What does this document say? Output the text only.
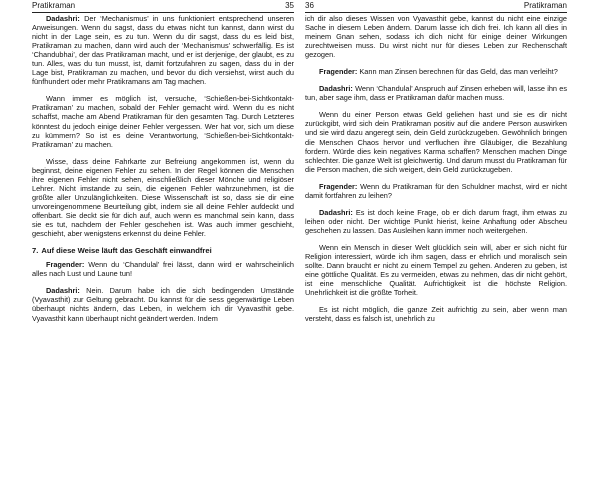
Pratikraman	35

Dadashri: Der ‘Mechanismus’ in uns funktioniert entsprechend unseren Anweisungen. Wenn du sagst, dass du etwas nicht tun kannst, dann wirst du nicht in der Lage sein, es zu tun. Wenn du dir sagst, dass du es leid bist, Pratikraman zu machen, dann wird auch der ‘Mechanismus’ schwerfällig. Es ist ‘Chandubhai’, der das Pratikraman macht, und er ist derjenige, der glaubt, es zu tun. Alles, was du tun musst, ist, damit fortzufahren zu sagen, dass du in der Lage bist, Pratikraman zu machen, und bevor du dich versiehst, wirst auch du fünfhundert oder mehr Pratikramans am Tag machen.

Wann immer es möglich ist, versuche, ‘Schießen-bei-Sichtkontakt-Pratikraman’ zu machen, sobald der Fehler gemacht wird. Wenn du es nicht schaffst, mache am Abend Pratikraman für den gesamten Tag. Durch Letzteres könntest du jedoch einige deiner Fehler vergessen. Wer hat vor, sich um diese zu kümmern? So ist es deine Verantwortung, ‘Schießen-bei-Sichtkontakt-Pratikraman’ zu machen.

Wisse, dass deine Fahrkarte zur Befreiung angekommen ist, wenn du beginnst, deine eigenen Fehler zu sehen. In der Regel können die Menschen ihre eigenen Fehler nicht sehen, einschließlich dieser Mönche und religiöser Lehrer. Nicht imstande zu sein, die eigenen Fehler wahrzunehmen, ist die größte aller Unzulänglichkeiten. Diese Wissenschaft ist so, dass sie dir eine unvoreingenommene Beurteilung gibt, indem sie all deine Fehler aufdeckt und offenbart. Sie deckt sie für dich auf, auch wenn es manchmal sein kann, dass sie es tut, nachdem der Fehler geschehen ist. Was auch immer geschieht, geschieht, aber wenigstens erkennst du deine Fehler.

7. Auf diese Weise läuft das Geschäft einwandfrei

Fragender: Wenn du ‘Chandulal’ frei lässt, dann wird er wahrscheinlich alles nach Lust und Laune tun!

Dadashri: Nein. Darum habe ich die sich bedingenden Umstände (Vyavasthit) zur Geltung gebracht. Du kannst für die sess gegenwärtige Leben überhaupt nichts ändern, das Leben, in welchem ich dir Vyavasthit gebe. Vyavasthit kann überhaupt nicht geändert werden. Indem

36	Pratikraman

ich dir also dieses Wissen von Vyavasthit gebe, kannst du nicht eine einzige Sache in diesem Leben ändern. Darum lasse ich dich frei. Ich kann all dies in meinem Gnan sehen, sodass ich dich nicht für einige deiner Wirkungen zurechtweisen muss. Du wirst nicht nur für dieses Leben zur Rechenschaft gezogen.

Fragender: Kann man Zinsen berechnen für das Geld, das man verleiht?

Dadashri: Wenn ‘Chandulal’ Anspruch auf Zinsen erheben will, lasse ihn es tun, aber sage ihm, dass er Pratikraman dafür machen muss.

Wenn du einer Person etwas Geld geliehen hast und sie es dir nicht zurückgibt, wird sich dein Pratikraman positiv auf die andere Person auswirken und sie wird dazu angeregt sein, dein Geld zurückzugeben. Gewöhnlich bringen die Menschen Chaos hervor und verfluchen ihre Gläubiger, die Bezahlung fordern. Würde dies kein negatives Karma schaffen? Menschen machen Dinge schlechter. Die ganze Welt ist gleichwertig. Und darum musst du Pratikraman für die Person machen, die sich weigert, dein Geld zurückzugeben.

Fragender: Wenn du Pratikraman für den Schuldner machst, wird er nicht damit fortfahren zu leihen?

Dadashri: Es ist doch keine Frage, ob er dich darum fragt, ihm etwas zu leihen oder nicht. Der wichtige Punkt hierist, keine Anhaftung oder Abscheu geschehen zu lassen. Das Ausleihen kann immer noch weitergehen.

Wenn ein Mensch in dieser Welt glücklich sein will, aber er sich nicht für Religion interessiert, würde ich ihm sagen, dass er ehrlich und moralisch sein sollte. Dann braucht er nicht zu einem Tempel zu gehen. Anderen zu geben, ist eine göttliche Qualität. Es zu vermeiden, etwas zu nehmen, das dir nicht gehört, ist eine menschliche Qualität. Aufrichtigkeit ist die höchste Religion. Unehrlichkeit ist die größte Torheit.

Es ist nicht möglich, die ganze Zeit aufrichtig zu sein, aber wenn man versteht, dass es falsch ist, unehrlich zu
